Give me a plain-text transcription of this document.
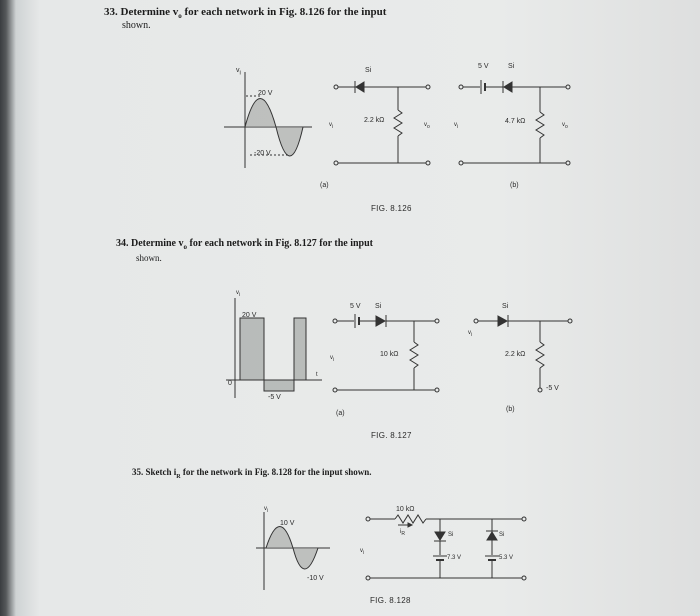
33. Determine $v_o$ for each network in Fig. 8.126 for the input
shown.
34. Determine $v_o$ for each network in Fig. 8.127 for the input
shown.
35. Sketch $i_R$ for the network in Fig. 8.128 for the input shown.
$v_i$
20 V
-20 V
Si
2.2 kΩ
$v_i$	$v_o$
(a)
5 V	Si
4.7 kΩ
$v_i$	$v_o$
(b)
FIG. 8.126
$v_i$
20 V
0
-5 V
t
5 V Si
10 kΩ
$v_i$
(a)
Si
2.2 kΩ
-5 V
$v_i$
(b)
FIG. 8.127
$v_i$
10 V
-10 V
10 kΩ
$i_R$	Si	Si
7.3 V	5.3 V
$v_i$
FIG. 8.128
